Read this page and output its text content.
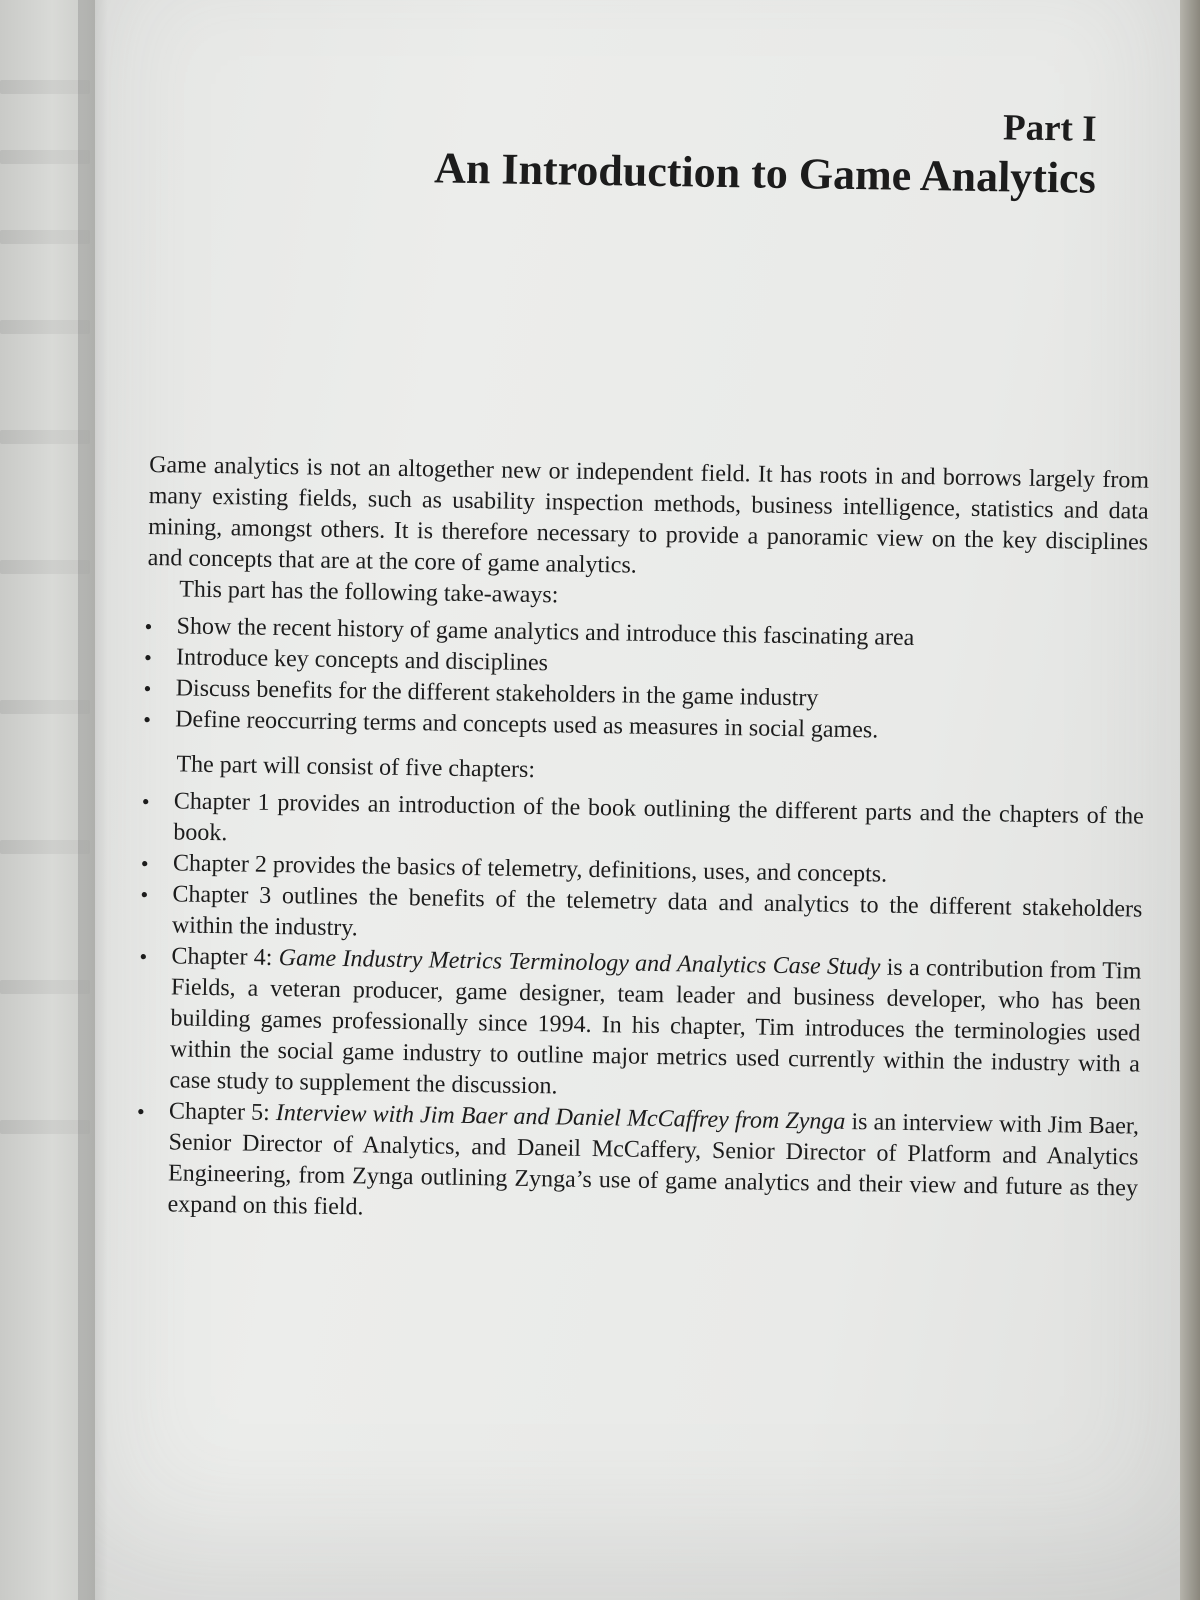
Part I
An Introduction to Game Analytics

Game analytics is not an altogether new or independent field. It has roots in and borrows largely from many existing fields, such as usability inspection methods, business intelligence, statistics and data mining, amongst others. It is therefore necessary to provide a panoramic view on the key disciplines and concepts that are at the core of game analytics.

This part has the following take-aways:

• Show the recent history of game analytics and introduce this fascinating area
• Introduce key concepts and disciplines
• Discuss benefits for the different stakeholders in the game industry
• Define reoccurring terms and concepts used as measures in social games.

The part will consist of five chapters:

• Chapter 1 provides an introduction of the book outlining the different parts and the chapters of the book.
• Chapter 2 provides the basics of telemetry, definitions, uses, and concepts.
• Chapter 3 outlines the benefits of the telemetry data and analytics to the different stakeholders within the industry.
• Chapter 4: Game Industry Metrics Terminology and Analytics Case Study is a contribution from Tim Fields, a veteran producer, game designer, team leader and business developer, who has been building games professionally since 1994. In his chapter, Tim introduces the terminologies used within the social game industry to outline major metrics used currently within the industry with a case study to supplement the discussion.
• Chapter 5: Interview with Jim Baer and Daniel McCaffrey from Zynga is an interview with Jim Baer, Senior Director of Analytics, and Daneil McCaffery, Senior Director of Platform and Analytics Engineering, from Zynga outlining Zynga’s use of game analytics and their view and future as they expand on this field.
